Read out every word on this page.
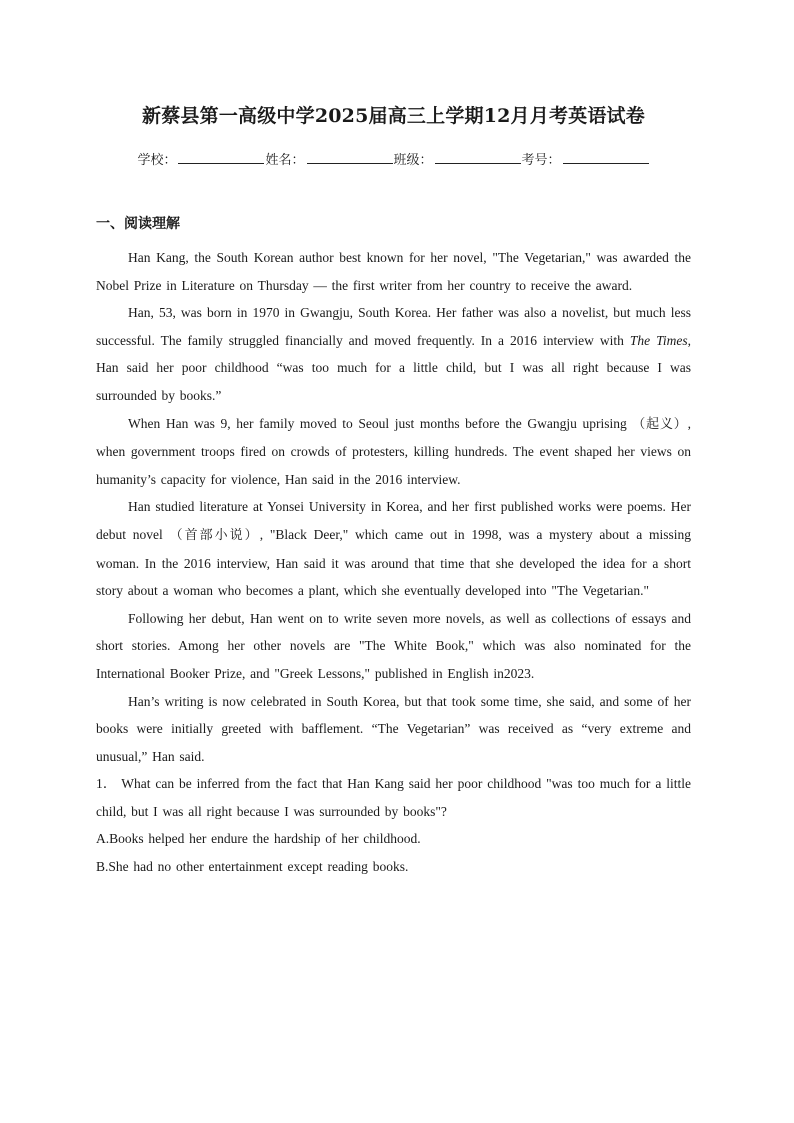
新蔡县第一高级中学2025届高三上学期12月月考英语试卷
学校：	姓名：	班级：	考号：
一、阅读理解

Han Kang, the South Korean author best known for her novel, "The Vegetarian," was awarded the Nobel Prize in Literature on Thursday — the first writer from her country to receive the award.

Han, 53, was born in 1970 in Gwangju, South Korea. Her father was also a novelist, but much less successful. The family struggled financially and moved frequently. In a 2016 interview with The Times, Han said her poor childhood “was too much for a little child, but I was all right because I was surrounded by books.”

When Han was 9, her family moved to Seoul just months before the Gwangju uprising （起义）, when government troops fired on crowds of protesters, killing hundreds. The event shaped her views on humanity’s capacity for violence, Han said in the 2016 interview.

Han studied literature at Yonsei University in Korea, and her first published works were poems. Her debut novel （首部小说）, "Black Deer," which came out in 1998, was a mystery about a missing woman. In the 2016 interview, Han said it was around that time that she developed the idea for a short story about a woman who becomes a plant, which she eventually developed into "The Vegetarian."

Following her debut, Han went on to write seven more novels, as well as collections of essays and short stories. Among her other novels are "The White Book," which was also nominated for the International Booker Prize, and "Greek Lessons," published in English in2023.

Han’s writing is now celebrated in South Korea, but that took some time, she said, and some of her books were initially greeted with bafflement. “The Vegetarian” was received as “very extreme and unusual,” Han said.

1． What can be inferred from the fact that Han Kang said her poor childhood "was too much for a little child, but I was all right because I was surrounded by books"?

A.Books helped her endure the hardship of her childhood.

B.She had no other entertainment except reading books.
